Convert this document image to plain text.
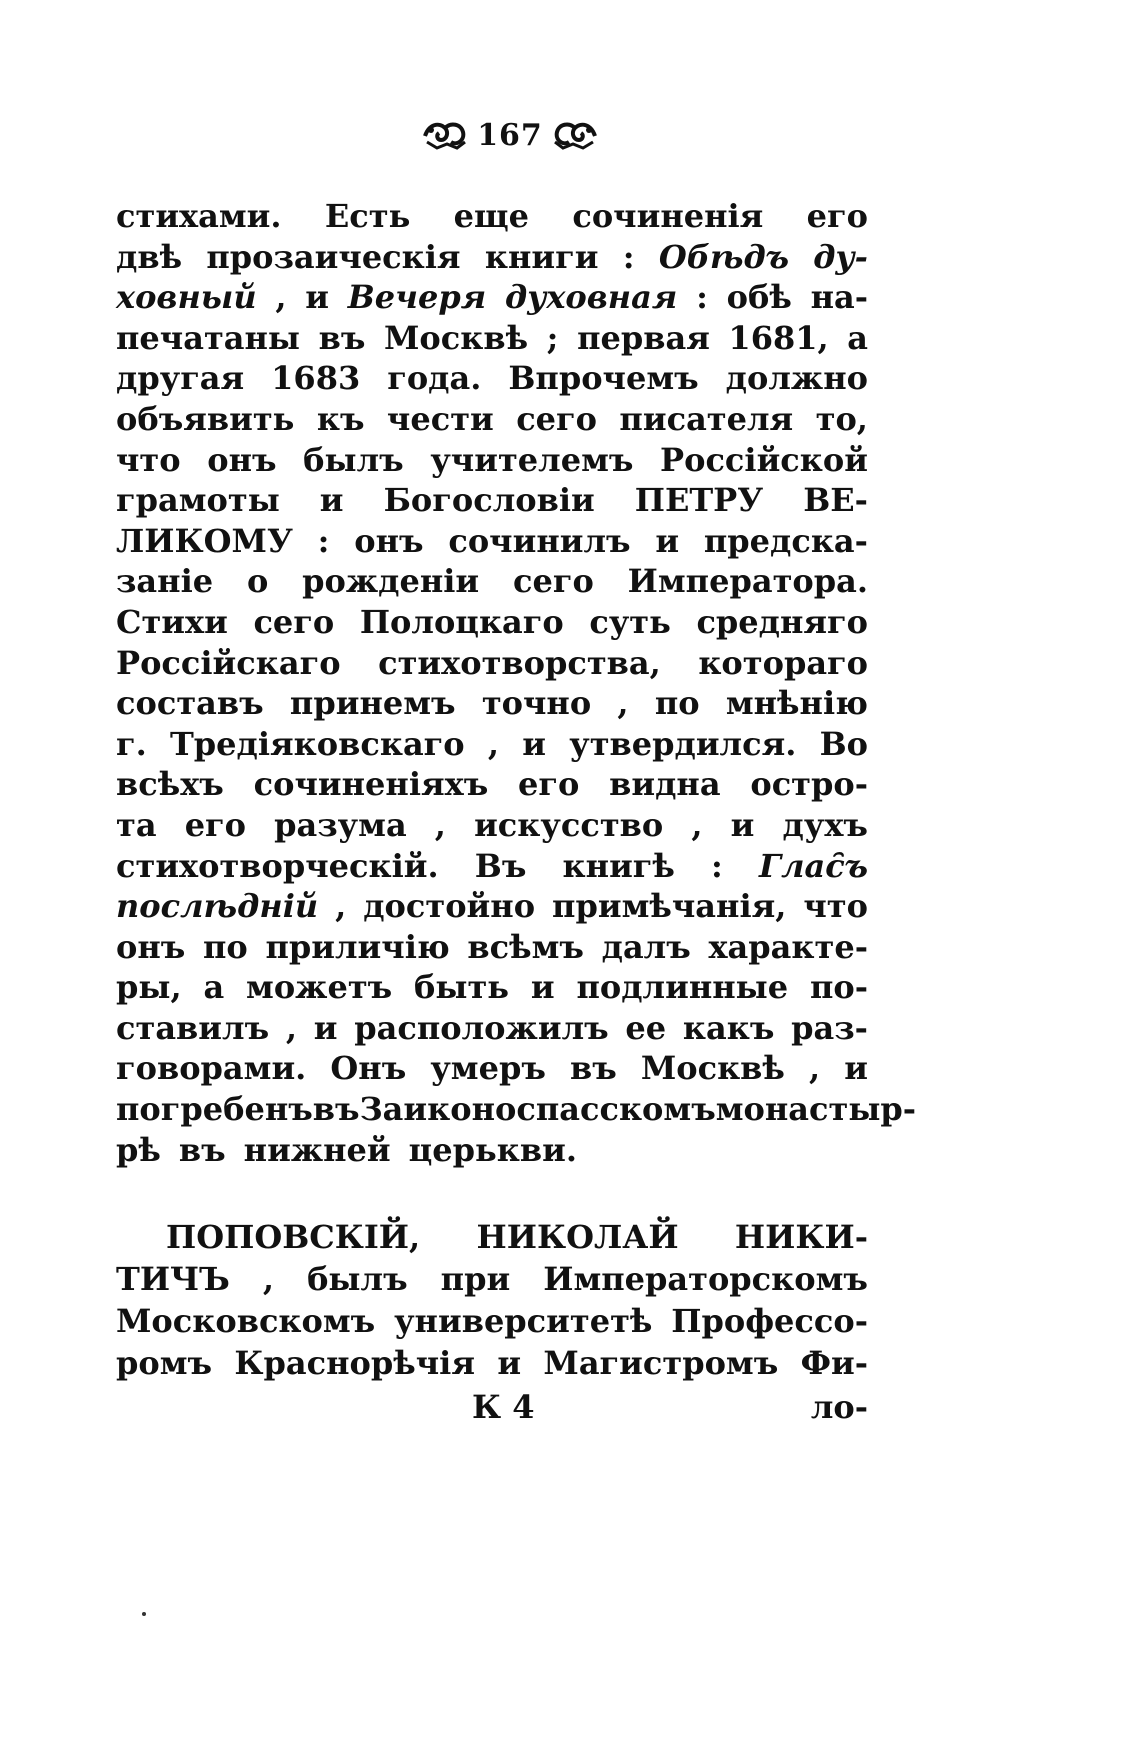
167
стихами. Есть еще сочиненія его
двѣ прозаическія книги : Обѣдъ ду-
ховный , и Вечеря духовная : обѣ на-
печатаны въ Москвѣ ; первая 1681, а
другая 1683 года. Впрочемъ должно
объявить къ чести сего писателя то,
что онъ былъ учителемъ Россійской
грамоты и Богословіи ПЕТРУ ВЕ-
ЛИКОМУ : онъ сочинилъ и предска-
заніе о рожденіи сего Императора.
Стихи сего Полоцкаго суть средняго
Россійскаго стихотворства, котораго
составъ принемъ точно , по мнѣнію
г. Тредіяковскаго , и утвердился. Во
всѣхъ сочиненіяхъ его видна остро-
та его разума , искусство , и духъ
стихотворческій. Въ книгѣ : Глас̑ъ
послѣдній , достойно примѣчанія, что
онъ по приличію всѣмъ далъ характе-
ры, а можетъ быть и подлинные по-
ставилъ , и расположилъ ее какъ раз-
говорами. Онъ умеръ въ Москвѣ , и
погребенъ въ Заиконоспасскомъ монастыр-
рѣ въ нижней церькви.
ПОПОВСКІЙ, НИКОЛАЙ НИКИ-
ТИЧЪ , былъ при Императорскомъ
Московскомъ университетѣ Профессо-
ромъ Краснорѣчія и Магистромъ Фи-
К 4	ло-
